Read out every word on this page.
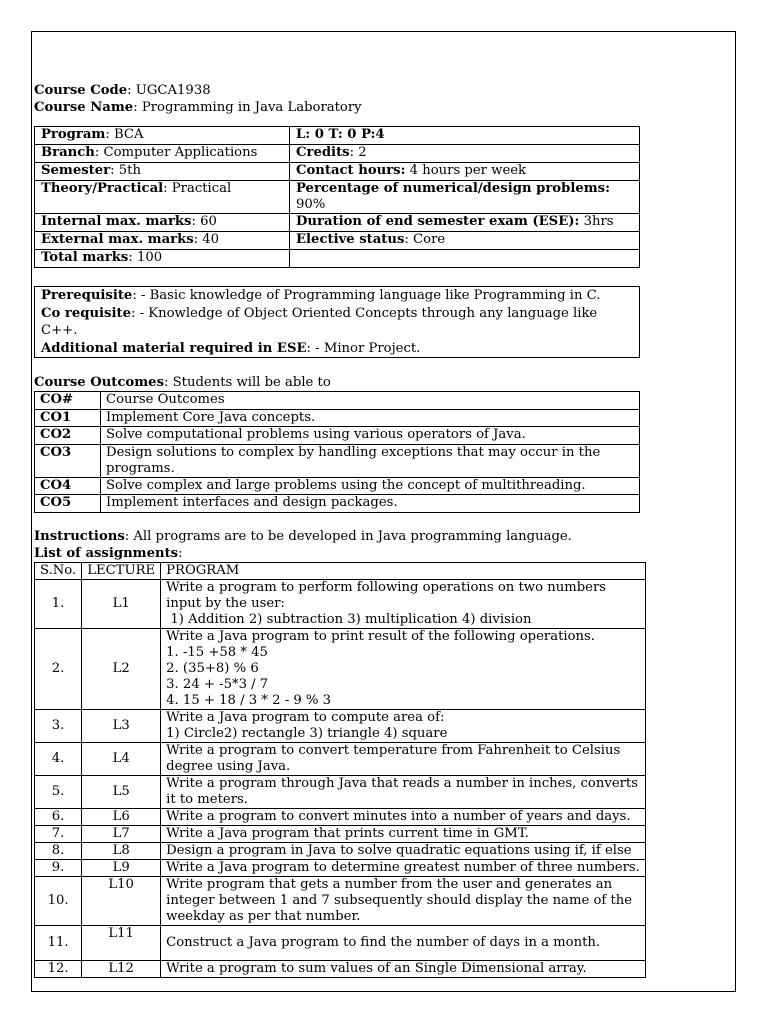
Course Code: UGCA1938
Course Name: Programming in Java Laboratory
Program: BCA	L: 0 T: 0 P:4
Branch: Computer Applications	Credits: 2
Semester: 5th	Contact hours: 4 hours per week
Theory/Practical: Practical	Percentage of numerical/design problems: 90%
Internal max. marks: 60	Duration of end semester exam (ESE): 3hrs
External max. marks: 40	Elective status: Core
Total marks: 100	
Prerequisite: - Basic knowledge of Programming language like Programming in C.
Co requisite: - Knowledge of Object Oriented Concepts through any language like C++.
Additional material required in ESE: - Minor Project.
Course Outcomes: Students will be able to
CO#	Course Outcomes
CO1	Implement Core Java concepts.
CO2	Solve computational problems using various operators of Java.
CO3	Design solutions to complex by handling exceptions that may occur in the programs.
CO4	Solve complex and large problems using the concept of multithreading.
CO5	Implement interfaces and design packages.
Instructions: All programs are to be developed in Java programming language.
List of assignments:
S.No.	LECTURE	PROGRAM
1.	L1	Write a program to perform following operations on two numbers
input by the user:
1) Addition 2) subtraction 3) multiplication 4) division

2.	L2	Write a Java program to print result of the following operations.
1. -15 +58 * 45
2. (35+8) % 6
3. 24 + -5*3 / 7
4. 15 + 18 / 3 * 2 - 9 % 3

3.	L3	Write a Java program to compute area of:
1) Circle2) rectangle 3) triangle 4) square

4.	L4	Write a program to convert temperature from Fahrenheit to Celsius
degree using Java.

5.	L5	Write a program through Java that reads a number in inches, converts
it to meters.

6.	L6	Write a program to convert minutes into a number of years and days.

7.	L7	Write a Java program that prints current time in GMT.

8.	L8	Design a program in Java to solve quadratic equations using if, if else

9.	L9	Write a Java program to determine greatest number of three numbers.

10.	L10	Write program that gets a number from the user and generates an
integer between 1 and 7 subsequently should display the name of the
weekday as per that number.

11.	L11	Construct a Java program to find the number of days in a month.

12.	L12	Write a program to sum values of an Single Dimensional array.
